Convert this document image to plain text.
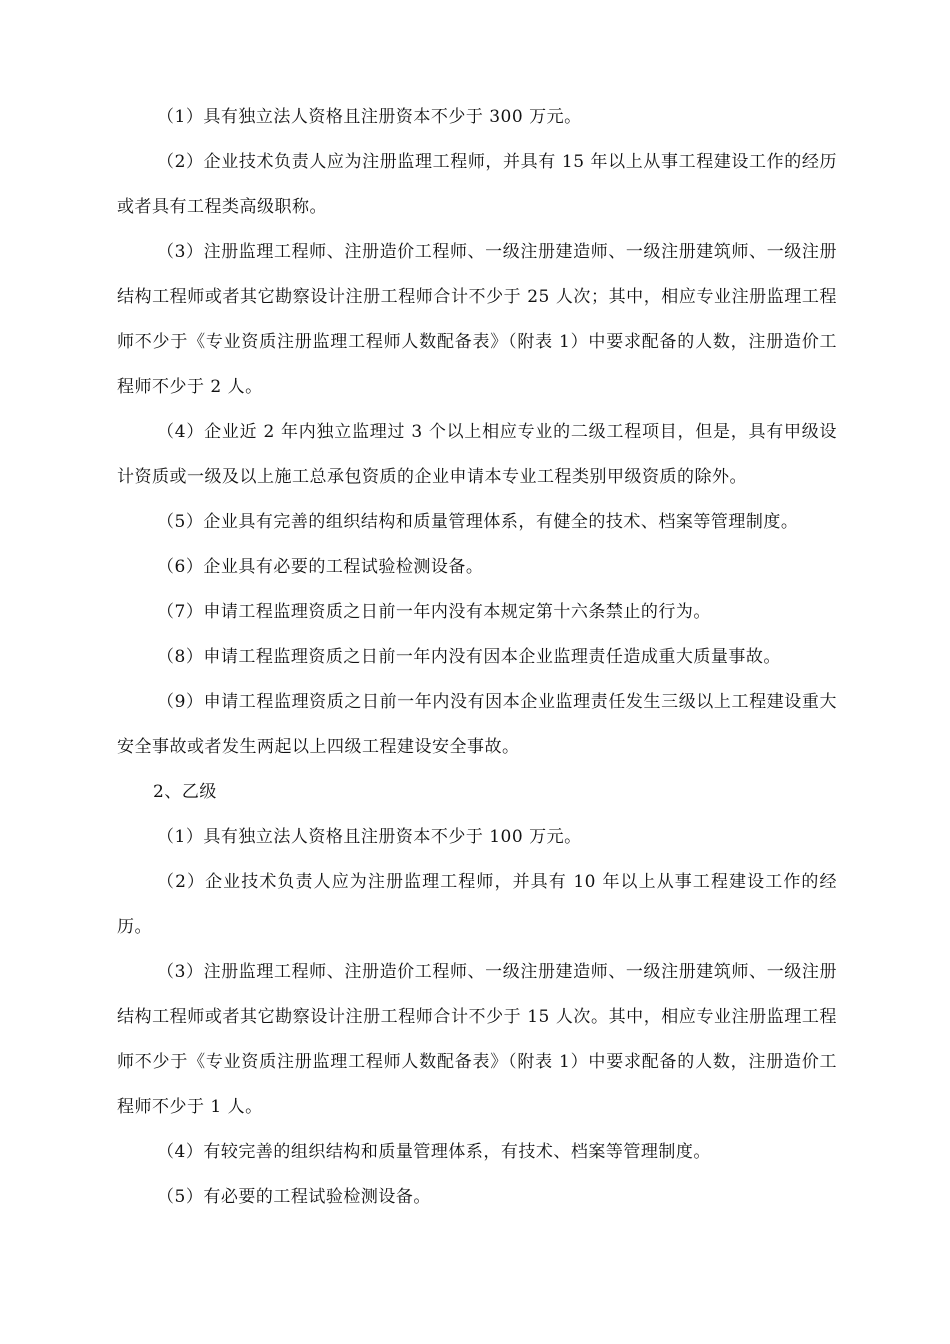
（1）具有独立法人资格且注册资本不少于 300 万元。

（2）企业技术负责人应为注册监理工程师，并具有 15 年以上从事工程建设工作的经历或者具有工程类高级职称。

（3）注册监理工程师、注册造价工程师、一级注册建造师、一级注册建筑师、一级注册结构工程师或者其它勘察设计注册工程师合计不少于 25 人次；其中，相应专业注册监理工程师不少于《专业资质注册监理工程师人数配备表》（附表 1）中要求配备的人数，注册造价工程师不少于 2 人。

（4）企业近 2 年内独立监理过 3 个以上相应专业的二级工程项目，但是，具有甲级设计资质或一级及以上施工总承包资质的企业申请本专业工程类别甲级资质的除外。

（5）企业具有完善的组织结构和质量管理体系，有健全的技术、档案等管理制度。

（6）企业具有必要的工程试验检测设备。

（7）申请工程监理资质之日前一年内没有本规定第十六条禁止的行为。

（8）申请工程监理资质之日前一年内没有因本企业监理责任造成重大质量事故。

（9）申请工程监理资质之日前一年内没有因本企业监理责任发生三级以上工程建设重大安全事故或者发生两起以上四级工程建设安全事故。

2、乙级

（1）具有独立法人资格且注册资本不少于 100 万元。

（2）企业技术负责人应为注册监理工程师，并具有 10 年以上从事工程建设工作的经历。

（3）注册监理工程师、注册造价工程师、一级注册建造师、一级注册建筑师、一级注册结构工程师或者其它勘察设计注册工程师合计不少于 15 人次。其中，相应专业注册监理工程师不少于《专业资质注册监理工程师人数配备表》（附表 1）中要求配备的人数，注册造价工程师不少于 1 人。

（4）有较完善的组织结构和质量管理体系，有技术、档案等管理制度。

（5）有必要的工程试验检测设备。
